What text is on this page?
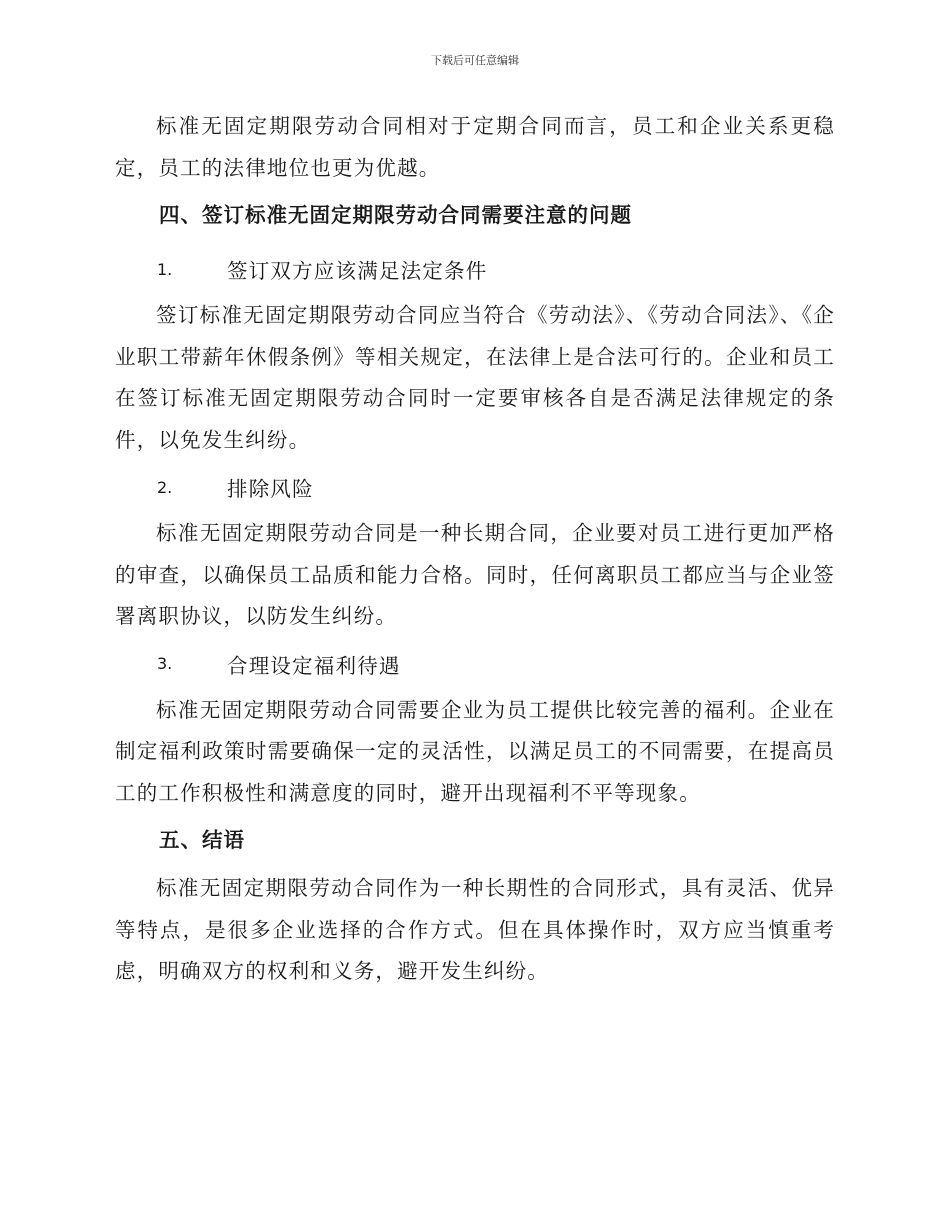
下载后可任意编辑

标准无固定期限劳动合同相对于定期合同而言，员工和企业关系更稳定，员工的法律地位也更为优越。

四、签订标准无固定期限劳动合同需要注意的问题
1.	签订双方应该满足法定条件

签订标准无固定期限劳动合同应当符合《劳动法》、《劳动合同法》、《企业职工带薪年休假条例》等相关规定，在法律上是合法可行的。企业和员工在签订标准无固定期限劳动合同时一定要审核各自是否满足法律规定的条件，以免发生纠纷。

2.	排除风险

标准无固定期限劳动合同是一种长期合同，企业要对员工进行更加严格的审查，以确保员工品质和能力合格。同时，任何离职员工都应当与企业签署离职协议，以防发生纠纷。

3.	合理设定福利待遇

标准无固定期限劳动合同需要企业为员工提供比较完善的福利。企业在制定福利政策时需要确保一定的灵活性，以满足员工的不同需要，在提高员工的工作积极性和满意度的同时，避开出现福利不平等现象。

五、结语

标准无固定期限劳动合同作为一种长期性的合同形式，具有灵活、优异等特点，是很多企业选择的合作方式。但在具体操作时，双方应当慎重考虑，明确双方的权利和义务，避开发生纠纷。
